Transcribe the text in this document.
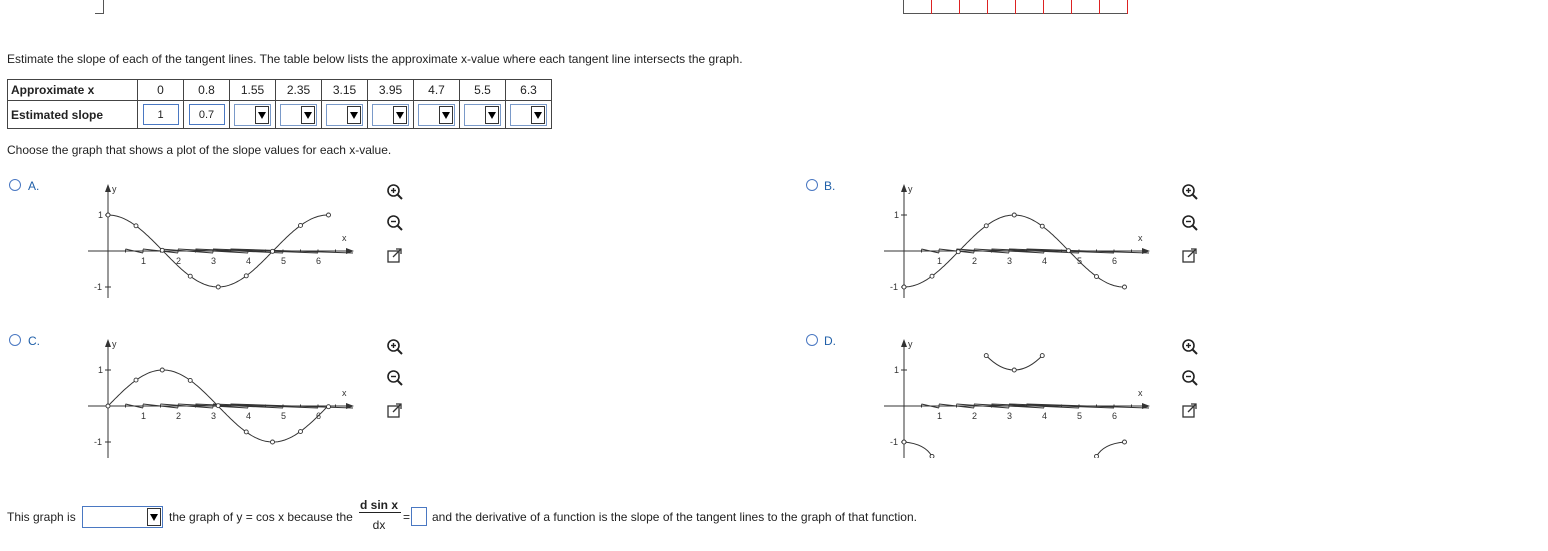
Estimate the slope of each of the tangent lines. The table below lists the approximate x-value where each tangent line intersects the graph.
Approximate x	0	0.8	1.55	2.35	3.15	3.95	4.7	5.5	6.3
Estimated slope	1	0.7	

Choose the graph that shows a plot of the slope values for each x-value.
A.	y
x
1	2	3	4	5	6
1
-1
B.	y
x
1	2	3	4	5	6
1
-1
C.	y
x
1	2	3	4	5	6
1
-1
D.	y
x
1	2	3	4	5	6
1
-1
This graph is	the graph of y = cos x because the
d sin x
dx
= and the derivative of a function is the slope of the tangent lines to the graph of that function.
